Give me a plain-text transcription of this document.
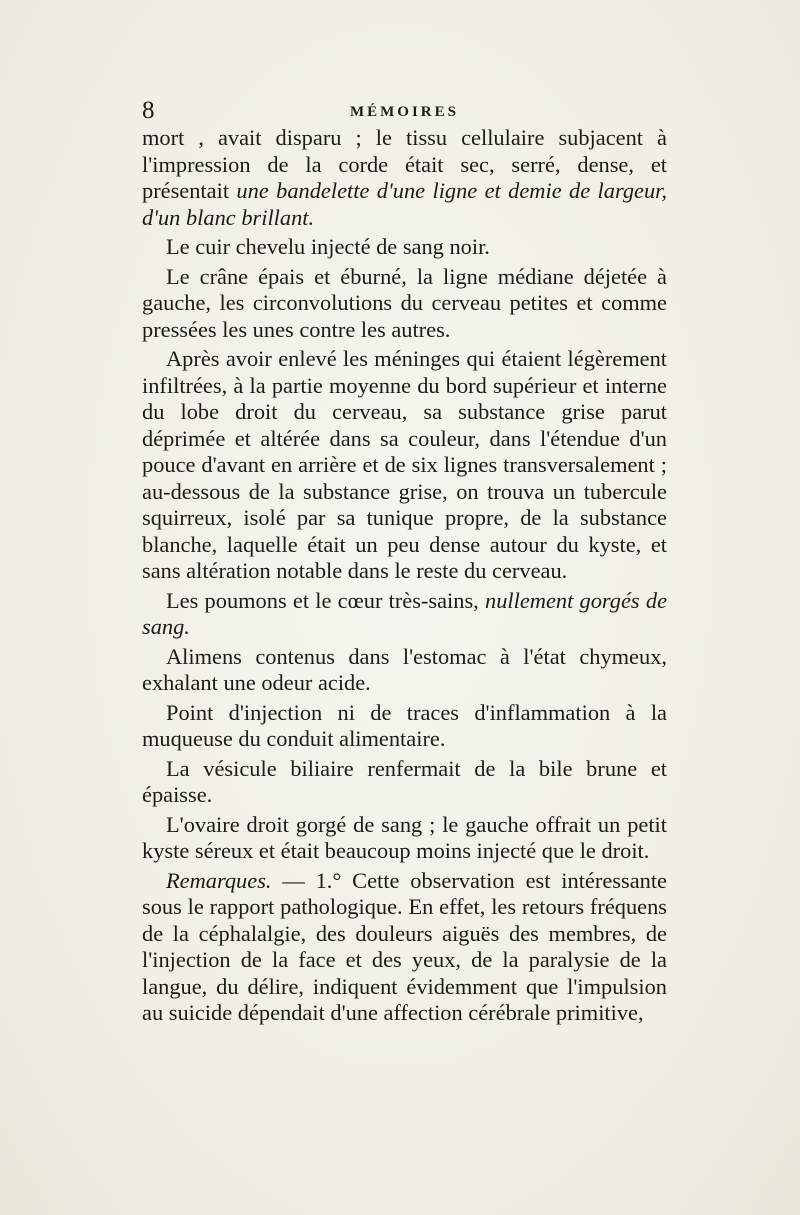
8	MÉMOIRES

mort , avait disparu ; le tissu cellulaire subjacent à l'impression de la corde était sec, serré, dense, et présentait une bandelette d'une ligne et demie de largeur, d'un blanc brillant.

Le cuir chevelu injecté de sang noir.

Le crâne épais et éburné, la ligne médiane déjetée à gauche, les circonvolutions du cerveau petites et comme pressées les unes contre les autres.

Après avoir enlevé les méninges qui étaient légèrement infiltrées, à la partie moyenne du bord supérieur et interne du lobe droit du cerveau, sa substance grise parut déprimée et altérée dans sa couleur, dans l'étendue d'un pouce d'avant en arrière et de six lignes transversalement ; au-dessous de la substance grise, on trouva un tubercule squirreux, isolé par sa tunique propre, de la substance blanche, laquelle était un peu dense autour du kyste, et sans altération notable dans le reste du cerveau.

Les poumons et le cœur très-sains, nullement gorgés de sang.

Alimens contenus dans l'estomac à l'état chymeux, exhalant une odeur acide.

Point d'injection ni de traces d'inflammation à la muqueuse du conduit alimentaire.

La vésicule biliaire renfermait de la bile brune et épaisse.

L'ovaire droit gorgé de sang ; le gauche offrait un petit kyste séreux et était beaucoup moins injecté que le droit.

Remarques. — 1.° Cette observation est intéressante sous le rapport pathologique. En effet, les retours fréquens de la céphalalgie, des douleurs aiguës des membres, de l'injection de la face et des yeux, de la paralysie de la langue, du délire, indiquent évidemment que l'impulsion au suicide dépendait d'une affection cérébrale primitive,
